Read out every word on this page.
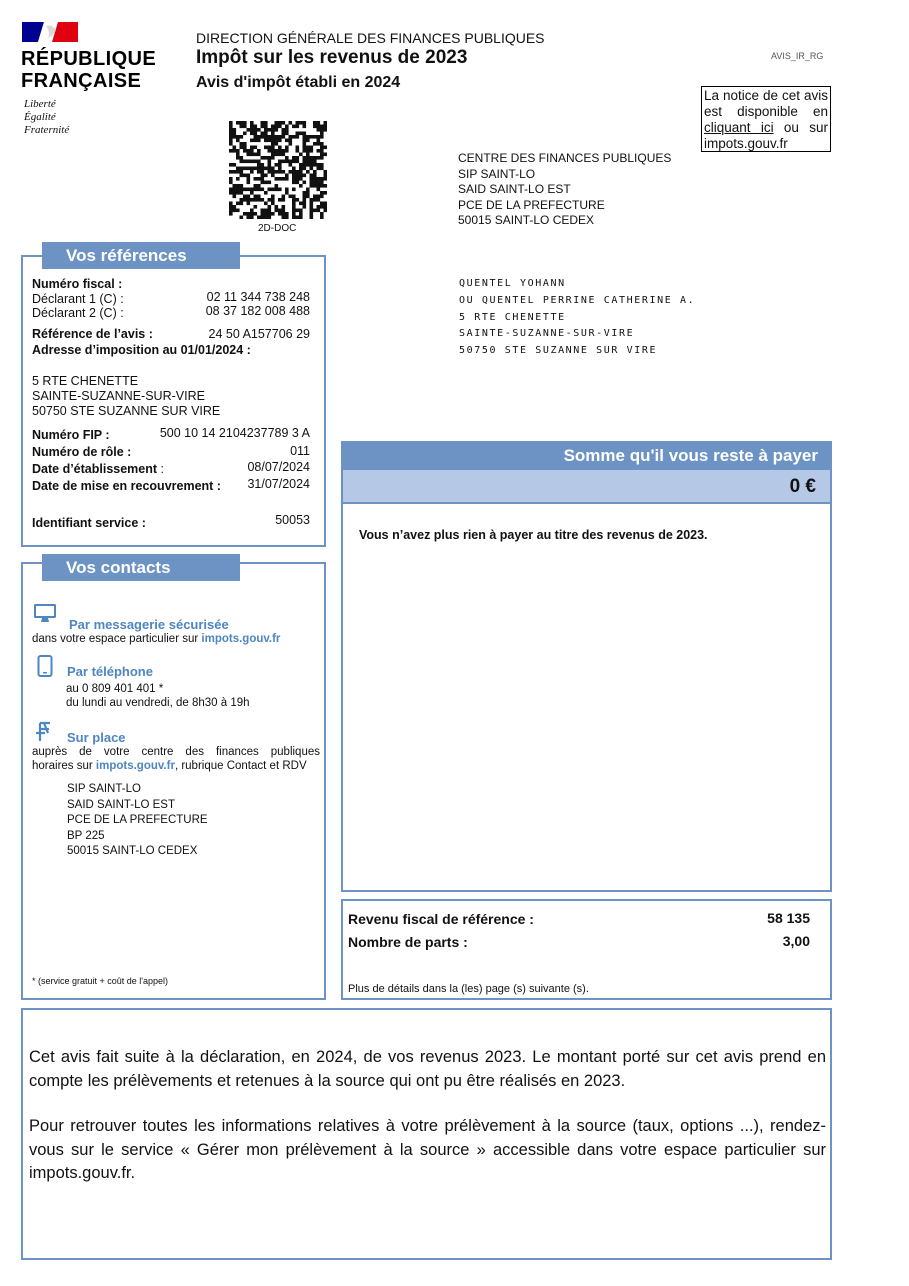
RÉPUBLIQUE
FRANÇAISE
Liberté
Égalité
Fraternité
DIRECTION GÉNÉRALE DES FINANCES PUBLIQUES
Impôt sur les revenus de 2023
Avis d'impôt établi en 2024
AVIS_IR_RG
La notice de cet avis est disponible en cliquant ici ou sur impots.gouv.fr
2D-DOC
CENTRE DES FINANCES PUBLIQUES
SIP SAINT-LO
SAID SAINT-LO EST
PCE DE LA PREFECTURE
50015 SAINT-LO CEDEX
QUENTEL YOHANN
OU QUENTEL PERRINE CATHERINE A.
5 RTE CHENETTE
SAINTE-SUZANNE-SUR-VIRE
50750 STE SUZANNE SUR VIRE
Vos références
Numéro fiscal :
Déclarant 1 (C) :	02 11 344 738 248
Déclarant 2 (C) :	08 37 182 008 488
Référence de l’avis :	24 50 A157706 29
Adresse d’imposition au 01/01/2024 :
5 RTE CHENETTE
SAINTE-SUZANNE-SUR-VIRE
50750 STE SUZANNE SUR VIRE
Numéro FIP :	500 10 14 2104237789 3 A
Numéro de rôle :	011
Date d’établissement :	08/07/2024
Date de mise en recouvrement :	31/07/2024
Identifiant service :	50053
Vos contacts
Par messagerie sécurisée
dans votre espace particulier sur impots.gouv.fr
Par téléphone
au 0 809 401 401 *
du lundi au vendredi, de 8h30 à 19h
Sur place
auprès de votre centre des finances publiques
horaires sur impots.gouv.fr, rubrique Contact et RDV
SIP SAINT-LO
SAID SAINT-LO EST
PCE DE LA PREFECTURE
BP 225
50015 SAINT-LO CEDEX
* (service gratuit + coût de l'appel)
Somme qu'il vous reste à payer
0 €
Vous n’avez plus rien à payer au titre des revenus de 2023.
Revenu fiscal de référence :	58 135
Nombre de parts :	3,00
Plus de détails dans la (les) page (s) suivante (s).
Cet avis fait suite à la déclaration, en 2024, de vos revenus 2023. Le montant porté sur cet avis prend en compte les prélèvements et retenues à la source qui ont pu être réalisés en 2023.
Pour retrouver toutes les informations relatives à votre prélèvement à la source (taux, options ...), rendez-vous sur le service « Gérer mon prélèvement à la source » accessible dans votre espace particulier sur impots.gouv.fr.
